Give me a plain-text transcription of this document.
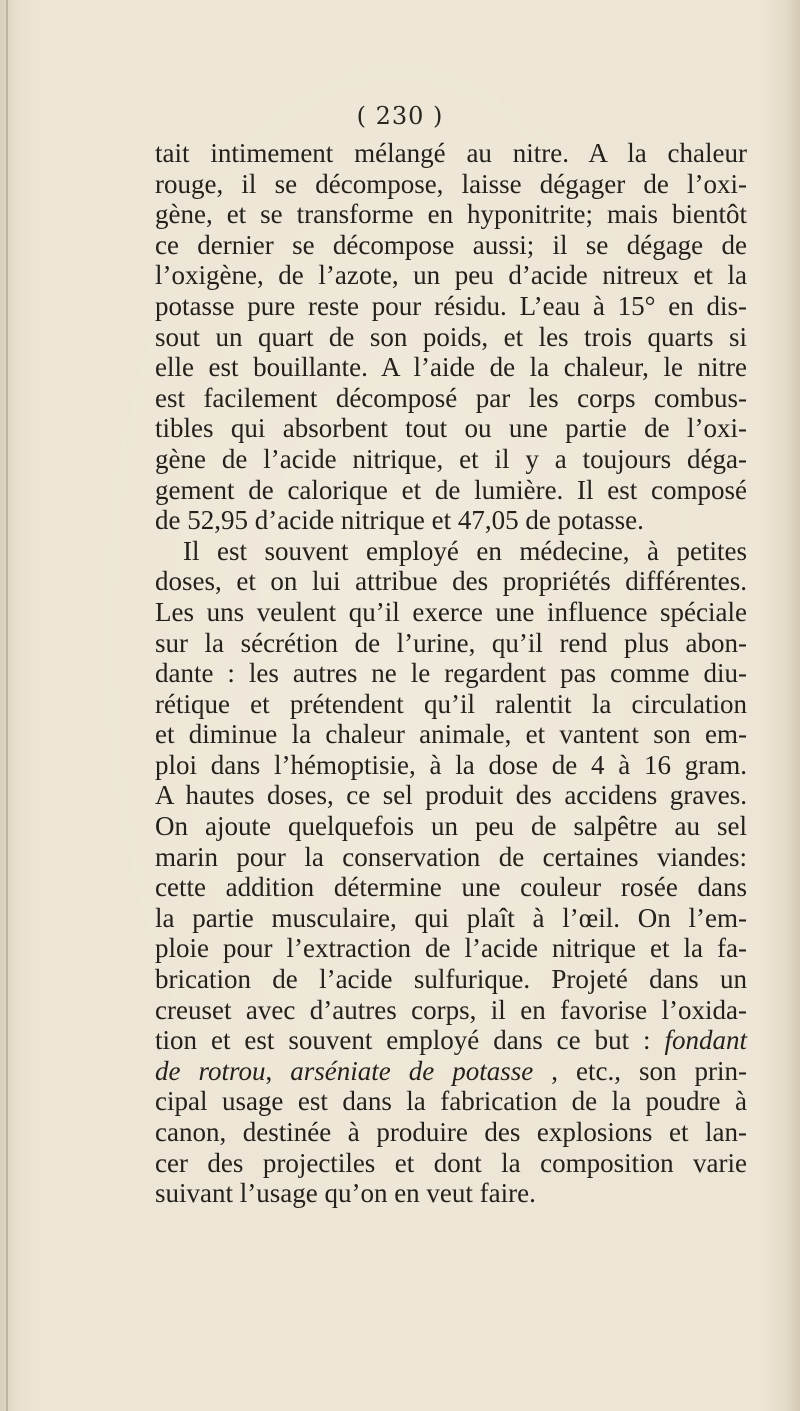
( 230 )
tait intimement mélangé au nitre. A la chaleur
rouge, il se décompose, laisse dégager de l’oxi-
gène, et se transforme en hyponitrite; mais bientôt
ce dernier se décompose aussi; il se dégage de
l’oxigène, de l’azote, un peu d’acide nitreux et la
potasse pure reste pour résidu. L’eau à 15° en dis-
sout un quart de son poids, et les trois quarts si
elle est bouillante. A l’aide de la chaleur, le nitre
est facilement décomposé par les corps combus-
tibles qui absorbent tout ou une partie de l’oxi-
gène de l’acide nitrique, et il y a toujours déga-
gement de calorique et de lumière. Il est composé
de 52,95 d’acide nitrique et 47,05 de potasse.
Il est souvent employé en médecine, à petites
doses, et on lui attribue des propriétés différentes.
Les uns veulent qu’il exerce une influence spéciale
sur la sécrétion de l’urine, qu’il rend plus abon-
dante : les autres ne le regardent pas comme diu-
rétique et prétendent qu’il ralentit la circulation
et diminue la chaleur animale, et vantent son em-
ploi dans l’hémoptisie, à la dose de 4 à 16 gram.
A hautes doses, ce sel produit des accidens graves.
On ajoute quelquefois un peu de salpêtre au sel
marin pour la conservation de certaines viandes:
cette addition détermine une couleur rosée dans
la partie musculaire, qui plaît à l’œil. On l’em-
ploie pour l’extraction de l’acide nitrique et la fa-
brication de l’acide sulfurique. Projeté dans un
creuset avec d’autres corps, il en favorise l’oxida-
tion et est souvent employé dans ce but : fondant
de rotrou, arséniate de potasse , etc., son prin-
cipal usage est dans la fabrication de la poudre à
canon, destinée à produire des explosions et lan-
cer des projectiles et dont la composition varie
suivant l’usage qu’on en veut faire.
